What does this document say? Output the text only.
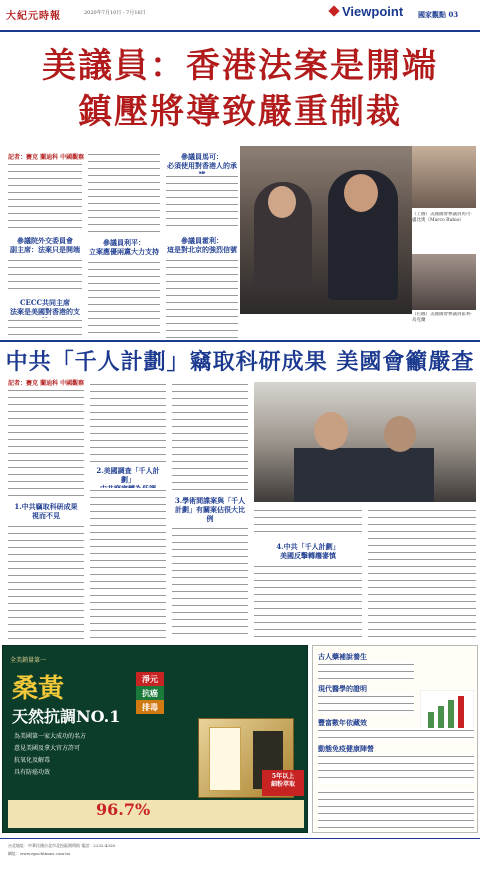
大紀元時報	2020年7月10日 - 7月16日	Viewpoint	國家觀點 03
美議員：香港法案是開端
鎮壓將導致嚴重制裁
記者：賽克 蘭迪科 中國觀察
參議院外交委員會
副主席：法案只是開端
CECC共同主席
法案是美國對香港的支
參議員利平：
立案應優兩黨大力支持
參議員馬可：
必須使用對香港人的承
參議員霍利：
這是對北京的強烈信號
（上圖）美國國會參議員馬可·盧比奧（Marco Rubio）
（右圖）美國國會參議員霍利·烏克蘭
中共「千人計劃」竊取科研成果 美國會籲嚴查
記者：賽克 蘭迪科 中國觀察
1.中共竊取科研成果
視而不見
2.美國調查「千人計劃」

3.學術間諜案與「千人計劃」有關案佔很大比例
4.中共「千人計劃」
美國反擊轉趨審慎
全美銷量第一
桑黃
天然抗調NO.1
淨元
抗癌
排毒
為美國第一家大成功的名方
意見美國及拿大官方許可
抗氧化及解毒
具有防癌功效
5年以上
細粉萃取
96.7%
古人藥補說養生
現代醫學的證明
豐富數年依藏效
動態免疫健康陣營
台北地址：中華民國台北市北投區開明街 電話：2232-4328
網址：www.epochtimes.com.tw
